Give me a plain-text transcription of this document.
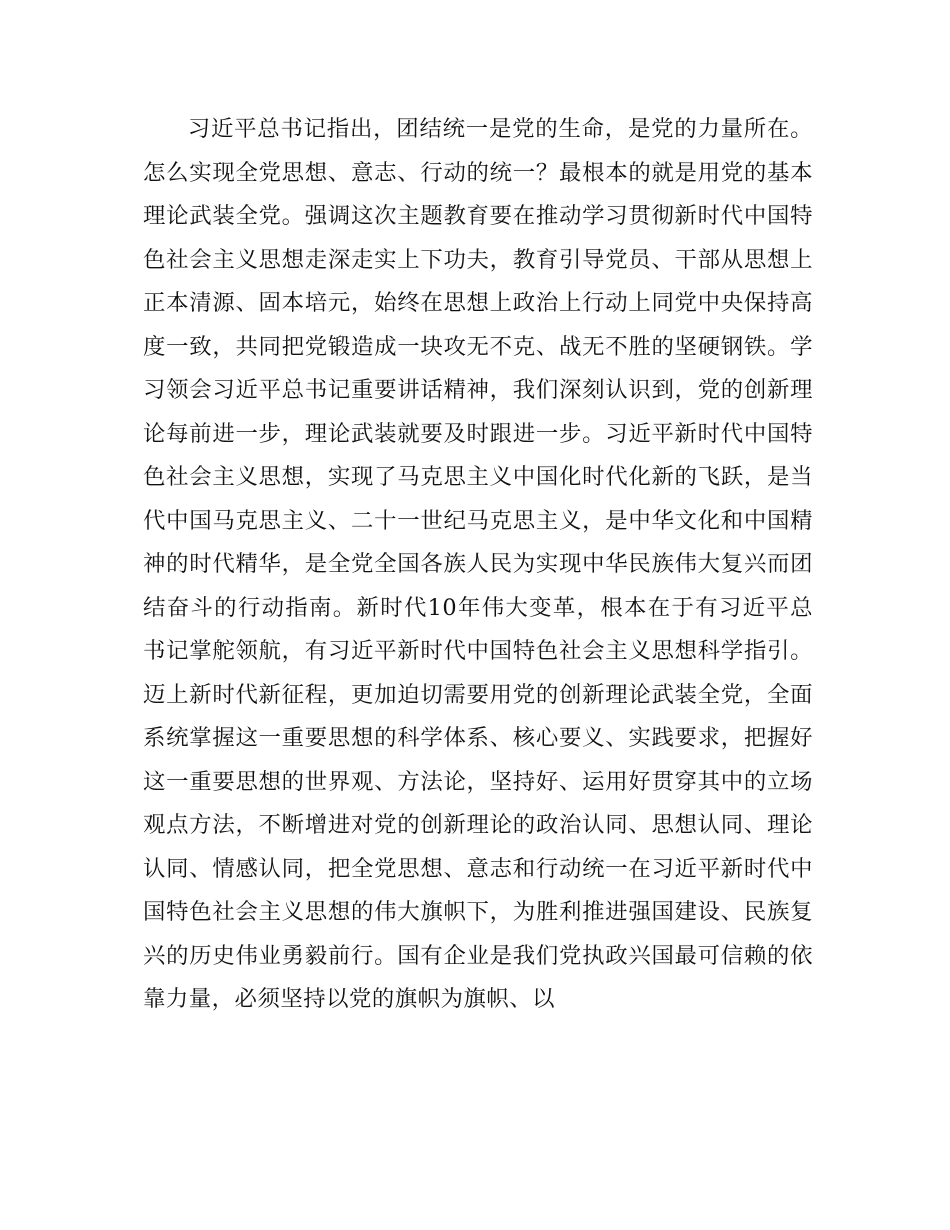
习近平总书记指出，团结统一是党的生命，是党的力量所在。怎么实现全党思想、意志、行动的统一？最根本的就是用党的基本理论武装全党。强调这次主题教育要在推动学习贯彻新时代中国特色社会主义思想走深走实上下功夫，教育引导党员、干部从思想上正本清源、固本培元，始终在思想上政治上行动上同党中央保持高度一致，共同把党锻造成一块攻无不克、战无不胜的坚硬钢铁。学习领会习近平总书记重要讲话精神，我们深刻认识到，党的创新理论每前进一步，理论武装就要及时跟进一步。习近平新时代中国特色社会主义思想，实现了马克思主义中国化时代化新的飞跃，是当代中国马克思主义、二十一世纪马克思主义，是中华文化和中国精神的时代精华，是全党全国各族人民为实现中华民族伟大复兴而团结奋斗的行动指南。新时代10年伟大变革，根本在于有习近平总书记掌舵领航，有习近平新时代中国特色社会主义思想科学指引。迈上新时代新征程，更加迫切需要用党的创新理论武装全党，全面系统掌握这一重要思想的科学体系、核心要义、实践要求，把握好这一重要思想的世界观、方法论，坚持好、运用好贯穿其中的立场观点方法，不断增进对党的创新理论的政治认同、思想认同、理论认同、情感认同，把全党思想、意志和行动统一在习近平新时代中国特色社会主义思想的伟大旗帜下，为胜利推进强国建设、民族复兴的历史伟业勇毅前行。国有企业是我们党执政兴国最可信赖的依靠力量，必须坚持以党的旗帜为旗帜、以
